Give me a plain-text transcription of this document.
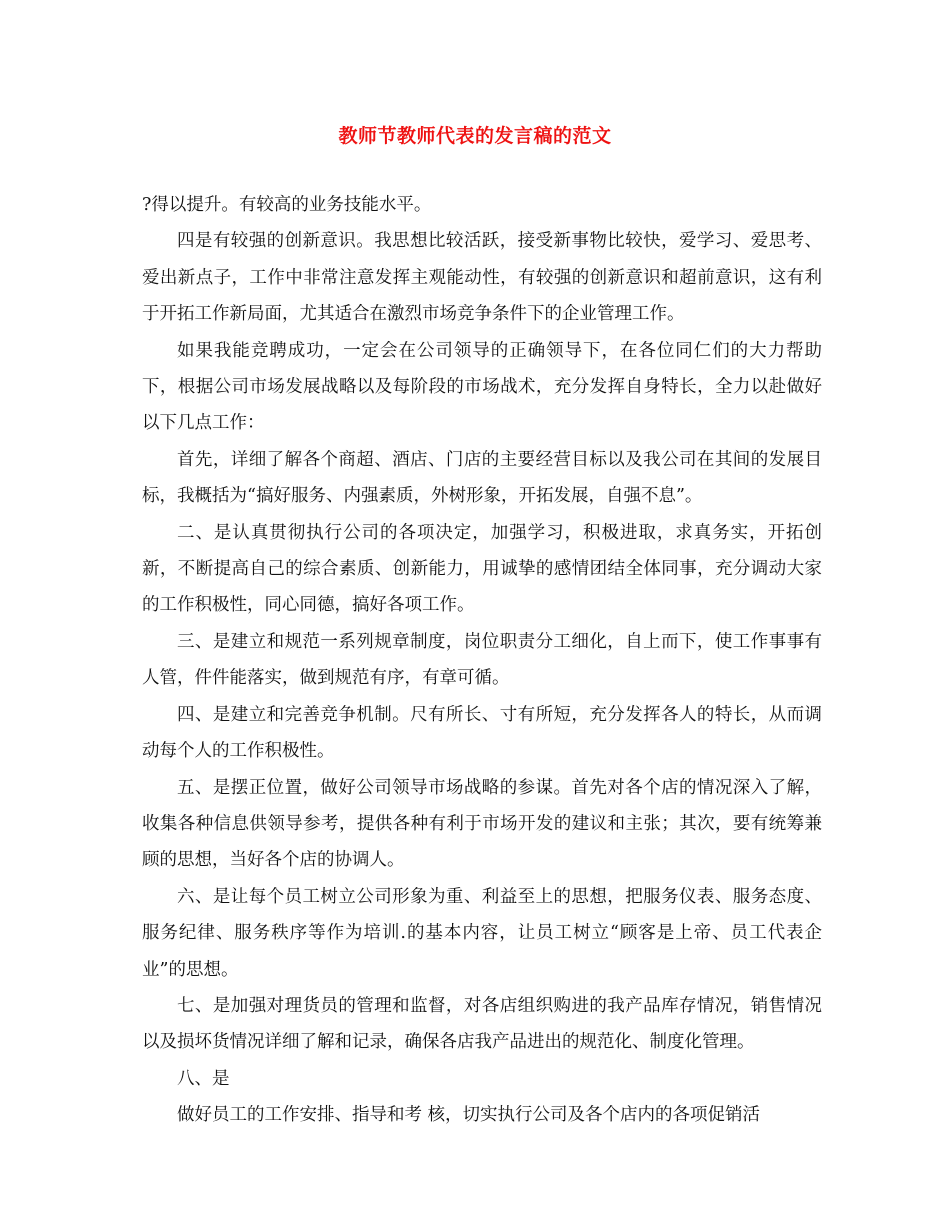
教师节教师代表的发言稿的范文

?得以提升。有较高的业务技能水平。

四是有较强的创新意识。我思想比较活跃，接受新事物比较快，爱学习、爱思考、爱出新点子，工作中非常注意发挥主观能动性，有较强的创新意识和超前意识，这有利于开拓工作新局面，尤其适合在激烈市场竞争条件下的企业管理工作。

如果我能竞聘成功，一定会在公司领导的正确领导下，在各位同仁们的大力帮助下，根据公司市场发展战略以及每阶段的市场战术，充分发挥自身特长，全力以赴做好以下几点工作：

首先，详细了解各个商超、酒店、门店的主要经营目标以及我公司在其间的发展目标，我概括为“搞好服务、内强素质，外树形象，开拓发展，自强不息”。

二、是认真贯彻执行公司的各项决定，加强学习，积极进取，求真务实，开拓创新，不断提高自己的综合素质、创新能力，用诚挚的感情团结全体同事，充分调动大家的工作积极性，同心同德，搞好各项工作。

三、是建立和规范一系列规章制度，岗位职责分工细化，自上而下，使工作事事有人管，件件能落实，做到规范有序，有章可循。

四、是建立和完善竞争机制。尺有所长、寸有所短，充分发挥各人的特长，从而调动每个人的工作积极性。

五、是摆正位置，做好公司领导市场战略的参谋。首先对各个店的情况深入了解，收集各种信息供领导参考，提供各种有利于市场开发的建议和主张；其次，要有统筹兼顾的思想，当好各个店的协调人。

六、是让每个员工树立公司形象为重、利益至上的思想，把服务仪表、服务态度、服务纪律、服务秩序等作为培训.的基本内容，让员工树立“顾客是上帝、员工代表企业”的思想。

七、是加强对理货员的管理和监督，对各店组织购进的我产品库存情况，销售情况以及损坏货情况详细了解和记录，确保各店我产品进出的规范化、制度化管理。

八、是

做好员工的工作安排、指导和考 核，切实执行公司及各个店内的各项促销活
